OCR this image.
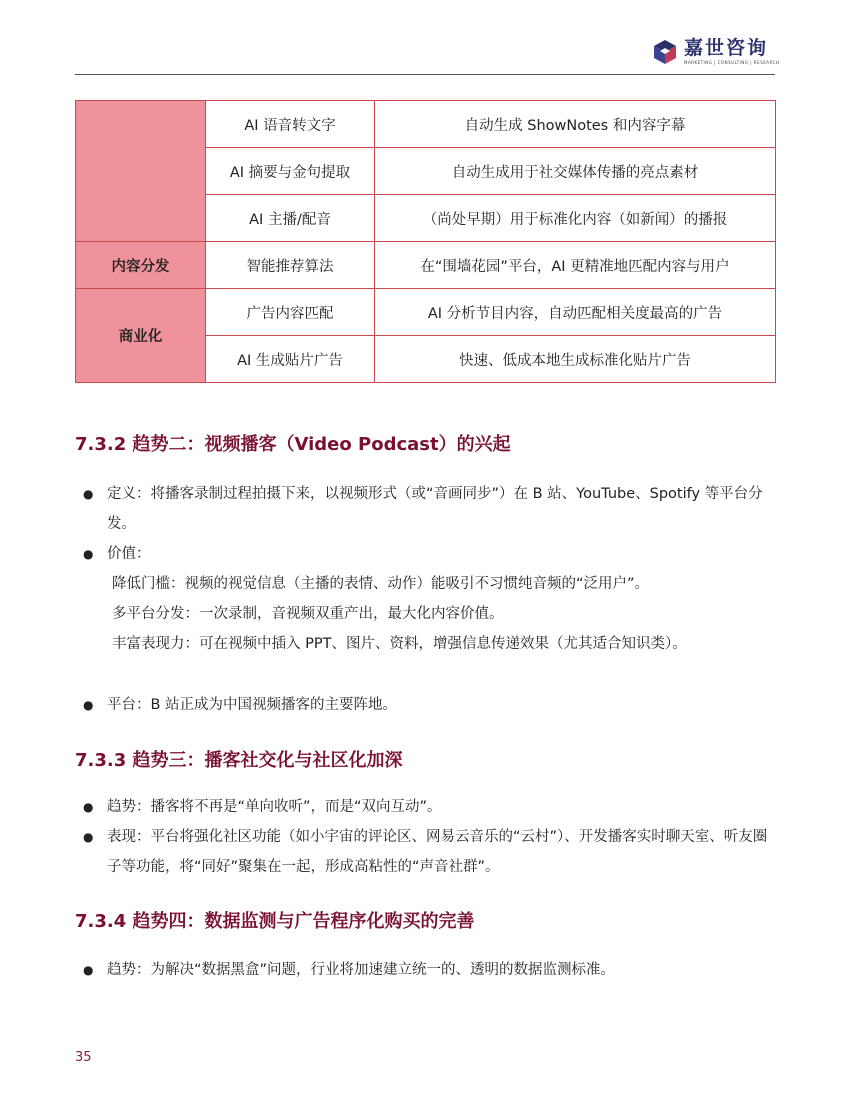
嘉世咨询
MARKETING | CONSULTING | RESEARCH
	AI 语音转文字	自动生成 ShowNotes 和内容字幕
	AI 摘要与金句提取	自动生成用于社交媒体传播的亮点素材
	AI 主播/配音	（尚处早期）用于标准化内容（如新闻）的播报
内容分发	智能推荐算法	在“围墙花园”平台，AI 更精准地匹配内容与用户
商业化	广告内容匹配	AI 分析节目内容，自动匹配相关度最高的广告
	AI 生成贴片广告	快速、低成本地生成标准化贴片广告
7.3.2 趋势二：视频播客（Video Podcast）的兴起
● 定义：将播客录制过程拍摄下来，以视频形式（或“音画同步”）在 B 站、YouTube、Spotify 等平台分发。
● 价值：
降低门槛：视频的视觉信息（主播的表情、动作）能吸引不习惯纯音频的“泛用户”。
多平台分发：一次录制，音视频双重产出，最大化内容价值。
丰富表现力：可在视频中插入 PPT、图片、资料，增强信息传递效果（尤其适合知识类）。
● 平台：B 站正成为中国视频播客的主要阵地。
7.3.3 趋势三：播客社交化与社区化加深
● 趋势：播客将不再是“单向收听”，而是“双向互动”。
● 表现：平台将强化社区功能（如小宇宙的评论区、网易云音乐的“云村”）、开发播客实时聊天室、听友圈子等功能，将“同好”聚集在一起，形成高粘性的“声音社群”。
7.3.4 趋势四：数据监测与广告程序化购买的完善
● 趋势：为解决“数据黑盒”问题，行业将加速建立统一的、透明的数据监测标准。
35
